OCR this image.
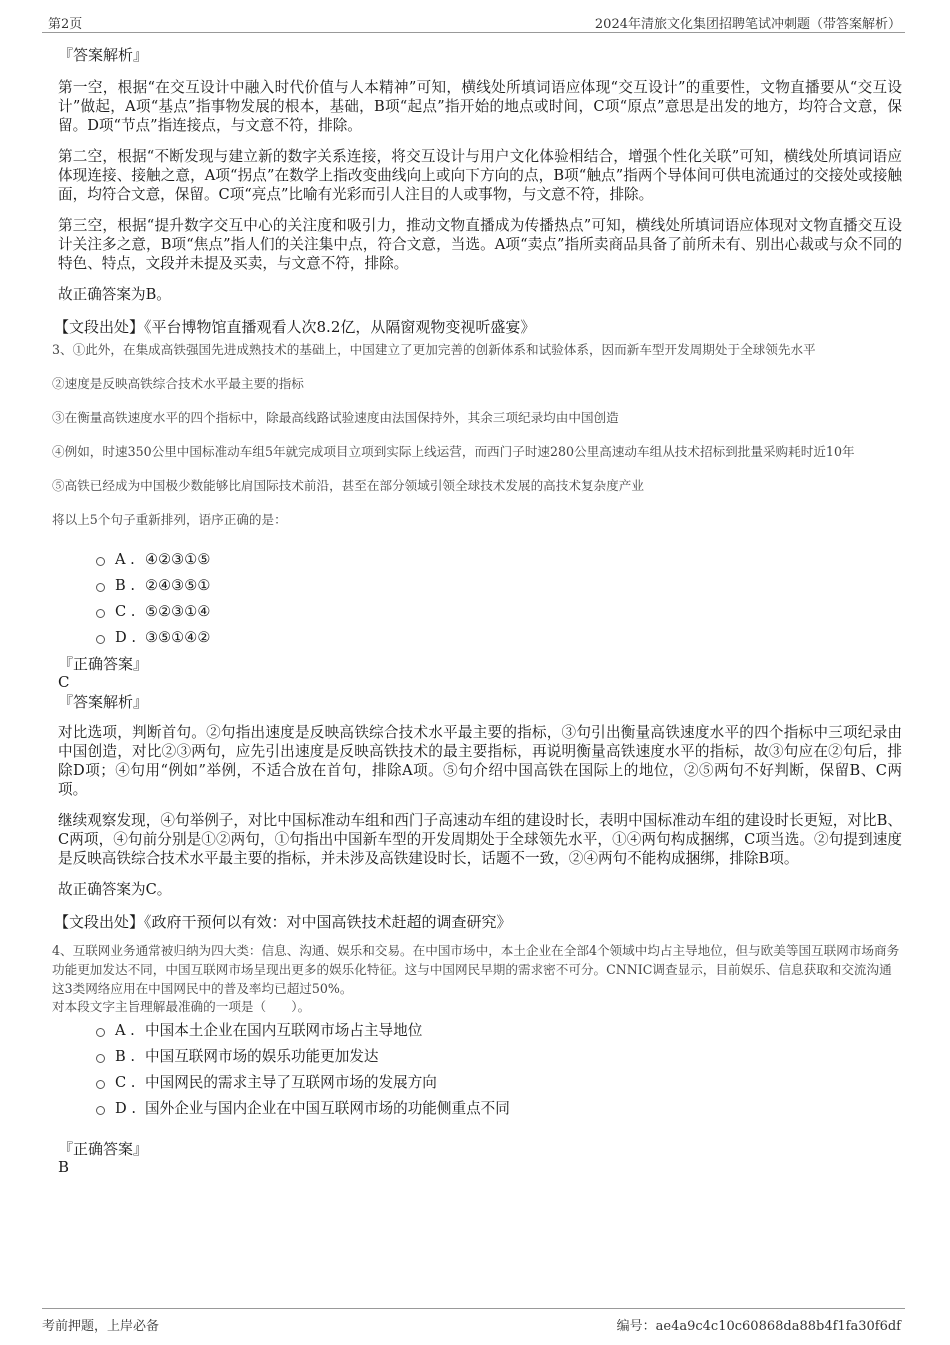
第2页	2024年清旅文化集团招聘笔试冲刺题（带答案解析）
『答案解析』

第一空，根据“在交互设计中融入时代价值与人本精神”可知，横线处所填词语应体现“交互设计”的重要性，文物直播要从“交互设计”做起，A项“基点”指事物发展的根本，基础，B项“起点”指开始的地点或时间，C项“原点”意思是出发的地方，均符合文意，保留。D项“节点”指连接点，与文意不符，排除。

第二空，根据“不断发现与建立新的数字关系连接，将交互设计与用户文化体验相结合，增强个性化关联”可知，横线处所填词语应体现连接、接触之意，A项“拐点”在数学上指改变曲线向上或向下方向的点，B项“触点”指两个导体间可供电流通过的交接处或接触面，均符合文意，保留。C项“亮点”比喻有光彩而引人注目的人或事物，与文意不符，排除。

第三空，根据“提升数字交互中心的关注度和吸引力，推动文物直播成为传播热点”可知，横线处所填词语应体现对文物直播交互设计关注多之意，B项“焦点”指人们的关注集中点，符合文意，当选。A项“卖点”指所卖商品具备了前所未有、别出心裁或与众不同的特色、特点，文段并未提及买卖，与文意不符，排除。

故正确答案为B。

【文段出处】《平台博物馆直播观看人次8.2亿，从隔窗观物变视听盛宴》

3、①此外，在集成高铁强国先进成熟技术的基础上，中国建立了更加完善的创新体系和试验体系，因而新车型开发周期处于全球领先水平

②速度是反映高铁综合技术水平最主要的指标

③在衡量高铁速度水平的四个指标中，除最高线路试验速度由法国保持外，其余三项纪录均由中国创造

④例如，时速350公里中国标准动车组5年就完成项目立项到实际上线运营，而西门子时速280公里高速动车组从技术招标到批量采购耗时近10年

⑤高铁已经成为中国极少数能够比肩国际技术前沿，甚至在部分领域引领全球技术发展的高技术复杂度产业

将以上5个句子重新排列，语序正确的是：

A . ④②③①⑤
B . ②④③⑤①
C . ⑤②③①④
D . ③⑤①④②
『正确答案』
C
『答案解析』

对比选项，判断首句。②句指出速度是反映高铁综合技术水平最主要的指标，③句引出衡量高铁速度水平的四个指标中三项纪录由中国创造，对比②③两句，应先引出速度是反映高铁技术的最主要指标，再说明衡量高铁速度水平的指标，故③句应在②句后，排除D项；④句用“例如”举例，不适合放在首句，排除A项。⑤句介绍中国高铁在国际上的地位，②⑤两句不好判断，保留B、C两项。

继续观察发现，④句举例子，对比中国标准动车组和西门子高速动车组的建设时长，表明中国标准动车组的建设时长更短，对比B、C两项，④句前分别是①②两句，①句指出中国新车型的开发周期处于全球领先水平，①④两句构成捆绑，C项当选。②句提到速度是反映高铁综合技术水平最主要的指标，并未涉及高铁建设时长，话题不一致，②④两句不能构成捆绑，排除B项。

故正确答案为C。

【文段出处】《政府干预何以有效：对中国高铁技术赶超的调查研究》

4、互联网业务通常被归纳为四大类：信息、沟通、娱乐和交易。在中国市场中，本土企业在全部4个领域中均占主导地位，但与欧美等国互联网市场商务功能更加发达不同，中国互联网市场呈现出更多的娱乐化特征。这与中国网民早期的需求密不可分。CNNIC调查显示，目前娱乐、信息获取和交流沟通这3类网络应用在中国网民中的普及率均已超过50%。

对本段文字主旨理解最准确的一项是（　　）。

A . 中国本土企业在国内互联网市场占主导地位
B . 中国互联网市场的娱乐功能更加发达
C . 中国网民的需求主导了互联网市场的发展方向
D . 国外企业与国内企业在中国互联网市场的功能侧重点不同
『正确答案』
B
考前押题，上岸必备	编号：ae4a9c4c10c60868da88b4f1fa30f6df
